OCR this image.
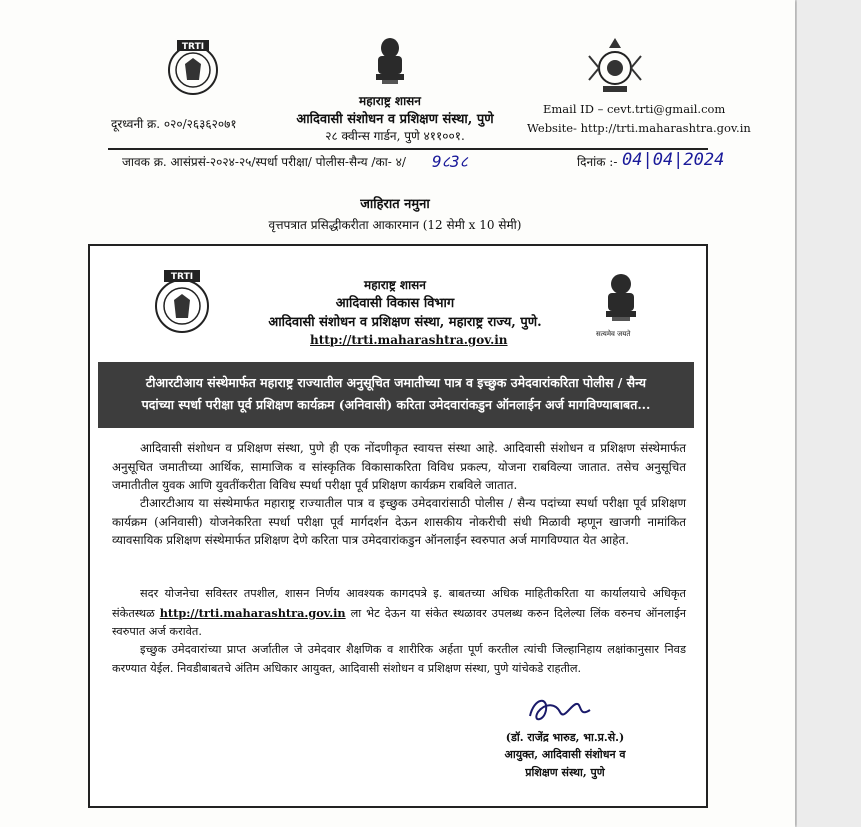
TRTI
महाराष्ट्र शासन
आदिवासी संशोधन व प्रशिक्षण संस्था, पुणे
२८ क्वीन्स गार्डन, पुणे ४११००१.
दूरध्वनी क्र. ०२०/२६३६२०७१
Email ID – cevt.trti@gmail.com
Website- http://trti.maharashtra.gov.in
जावक क्र. आसंप्रसं-२०२४-२५/स्पर्धा परीक्षा/ पोलीस-सैन्य /का- ४/ 9८3८	दिनांक :- 04|04|2024
जाहिरात नमुना
वृत्तपत्रात प्रसिद्धीकरीता आकारमान (12 सेमी x 10 सेमी)
TRTI
सत्यमेव जयते
महाराष्ट्र शासन
आदिवासी विकास विभाग
आदिवासी संशोधन व प्रशिक्षण संस्था, महाराष्ट्र राज्य, पुणे.
http://trti.maharashtra.gov.in
टीआरटीआय संस्थेमार्फत महाराष्ट्र राज्यातील अनुसूचित जमातीच्या पात्र व इच्छुक उमेदवारांकरिता पोलीस / सैन्य
पदांच्या स्पर्धा परीक्षा पूर्व प्रशिक्षण कार्यक्रम (अनिवासी) करिता उमेदवारांकडुन ऑनलाईन अर्ज मागविण्याबाबत...
आदिवासी संशोधन व प्रशिक्षण संस्था, पुणे ही एक नोंदणीकृत स्वायत्त संस्था आहे. आदिवासी संशोधन व प्रशिक्षण संस्थेमार्फत अनुसूचित जमातीच्या आर्थिक, सामाजिक व सांस्कृतिक विकासाकरिता विविध प्रकल्प, योजना राबविल्या जातात. तसेच अनुसूचित जमातीतील युवक आणि युवतींकरीता विविध स्पर्धा परीक्षा पूर्व प्रशिक्षण कार्यक्रम राबविले जातात.
टीआरटीआय या संस्थेमार्फत महाराष्ट्र राज्यातील पात्र व इच्छुक उमेदवारांसाठी पोलीस / सैन्य पदांच्या स्पर्धा परीक्षा पूर्व प्रशिक्षण कार्यक्रम (अनिवासी) योजनेकरिता स्पर्धा परीक्षा पूर्व मार्गदर्शन देऊन शासकीय नोकरीची संधी मिळावी म्हणून खाजगी नामांकित व्यावसायिक प्रशिक्षण संस्थेमार्फत प्रशिक्षण देणे करिता पात्र उमेदवारांकडुन ऑनलाईन स्वरुपात अर्ज मागविण्यात येत आहेत.
सदर योजनेचा सविस्तर तपशील, शासन निर्णय आवश्यक कागदपत्रे इ. बाबतच्या अधिक माहितीकरिता या कार्यालयाचे अधिकृत संकेतस्थळ http://trti.maharashtra.gov.in ला भेट देऊन या संकेत स्थळावर उपलब्ध करुन दिलेल्या लिंक वरुनच ऑनलाईन स्वरुपात अर्ज करावेत.
इच्छुक उमेदवारांच्या प्राप्त अर्जातील जे उमेदवार शैक्षणिक व शारीरिक अर्हता पूर्ण करतील त्यांची जिल्हानिहाय लक्षांकानुसार निवड करण्यात येईल. निवडीबाबतचे अंतिम अधिकार आयुक्त, आदिवासी संशोधन व प्रशिक्षण संस्था, पुणे यांचेकडे राहतील.
(डॉ. राजेंद्र भारुड, भा.प्र.से.)
आयुक्त, आदिवासी संशोधन व
प्रशिक्षण संस्था, पुणे
